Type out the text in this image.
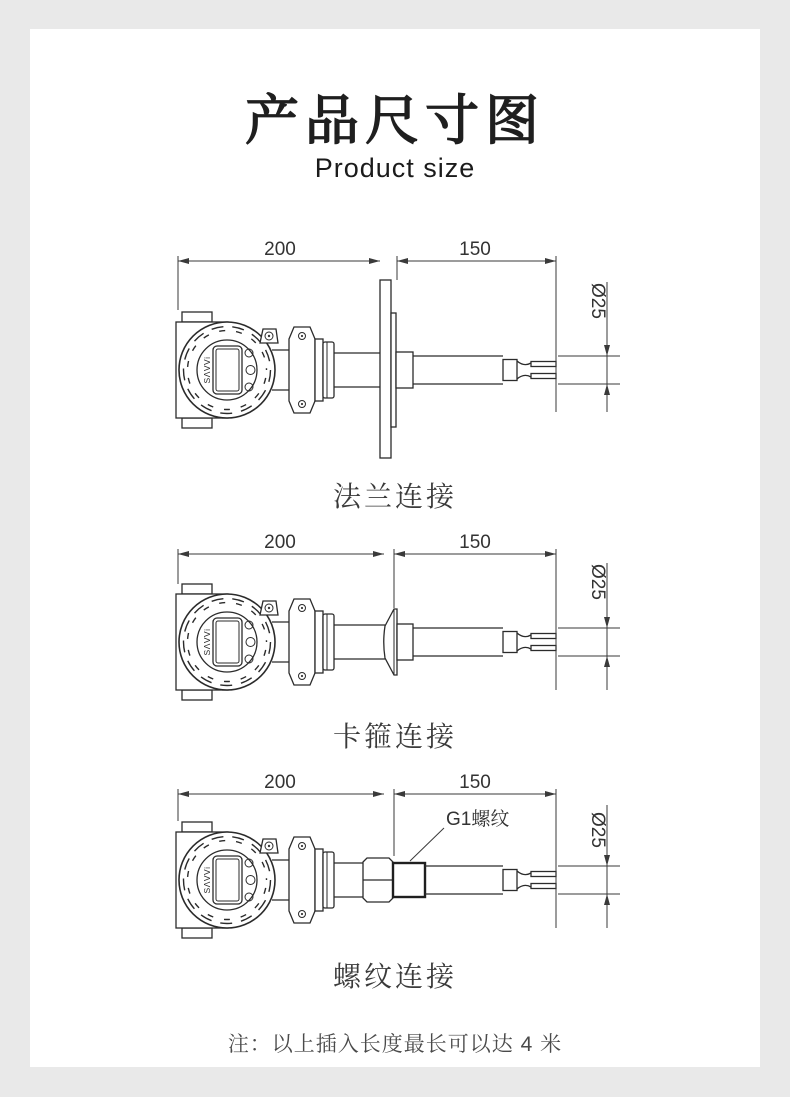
产品尺寸图
Product size
200	150
Ø25
法兰连接
200	150
Ø25
卡箍连接
G1螺纹
200	150
Ø25
螺纹连接
注：以上插入长度最长可以达 4 米
